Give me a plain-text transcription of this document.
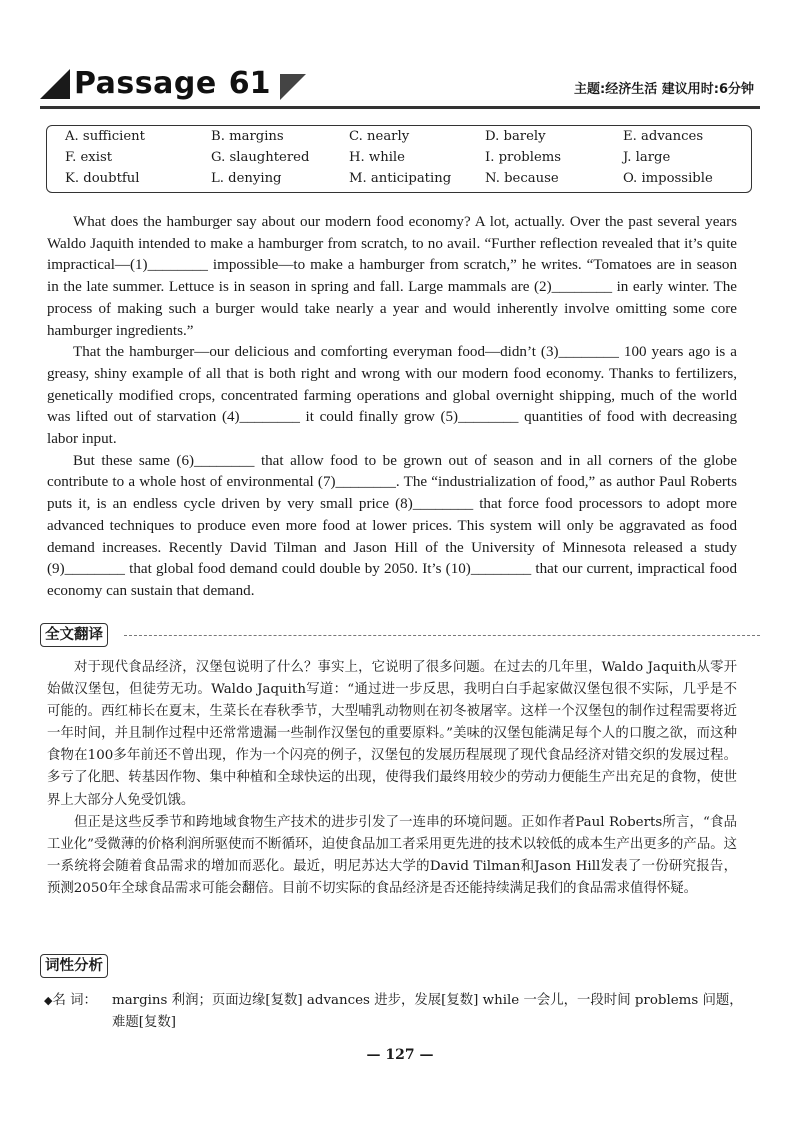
Passage 61	主题:经济生活 建议用时:6分钟
A. sufficient	B. margins	C. nearly	D. barely	E. advances
F. exist	G. slaughtered	H. while	I. problems	J. large
K. doubtful	L. denying	M. anticipating	N. because	O. impossible

What does the hamburger say about our modern food economy? A lot, actually. Over the past several years Waldo Jaquith intended to make a hamburger from scratch, to no avail. “Further reflection revealed that it’s quite impractical—(1)________ impossible—to make a hamburger from scratch,” he writes. “Tomatoes are in season in the late summer. Lettuce is in season in spring and fall. Large mammals are (2)________ in early winter. The process of making such a burger would take nearly a year and would inherently involve omitting some core hamburger ingredients.”

That the hamburger—our delicious and comforting everyman food—didn’t (3)________ 100 years ago is a greasy, shiny example of all that is both right and wrong with our modern food economy. Thanks to fertilizers, genetically modified crops, concentrated farming operations and global overnight shipping, much of the world was lifted out of starvation (4)________ it could finally grow (5)________ quantities of food with decreasing labor input.

But these same (6)________ that allow food to be grown out of season and in all corners of the globe contribute to a whole host of environmental (7)________. The “industrialization of food,” as author Paul Roberts puts it, is an endless cycle driven by very small price (8)________ that force food processors to adopt more advanced techniques to produce even more food at lower prices. This system will only be aggravated as food demand increases. Recently David Tilman and Jason Hill of the University of Minnesota released a study (9)________ that global food demand could double by 2050. It’s (10)________ that our current, impractical food economy can sustain that demand.

全文翻译

对于现代食品经济，汉堡包说明了什么？事实上，它说明了很多问题。在过去的几年里，Waldo Jaquith从零开始做汉堡包，但徒劳无功。Waldo Jaquith写道：“通过进一步反思，我明白白手起家做汉堡包很不实际，几乎是不可能的。西红柿长在夏末，生菜长在春秋季节，大型哺乳动物则在初冬被屠宰。这样一个汉堡包的制作过程需要将近一年时间，并且制作过程中还常常遗漏一些制作汉堡包的重要原料。”美味的汉堡包能满足每个人的口腹之欲，而这种食物在100多年前还不曾出现，作为一个闪亮的例子，汉堡包的发展历程展现了现代食品经济对错交织的发展过程。多亏了化肥、转基因作物、集中种植和全球快运的出现，使得我们最终用较少的劳动力便能生产出充足的食物，使世界上大部分人免受饥饿。

但正是这些反季节和跨地域食物生产技术的进步引发了一连串的环境问题。正如作者Paul Roberts所言，“食品工业化”受微薄的价格利润所驱使而不断循环，迫使食品加工者采用更先进的技术以较低的成本生产出更多的产品。这一系统将会随着食品需求的增加而恶化。最近，明尼苏达大学的David Tilman和Jason Hill发表了一份研究报告，预测2050年全球食品需求可能会翻倍。目前不切实际的食品经济是否还能持续满足我们的食品需求值得怀疑。

词性分析
◆名 词：	margins 利润；页面边缘[复数] advances 进步，发展[复数] while 一会儿，一段时间 problems 问题，难题[复数]
— 127 —
